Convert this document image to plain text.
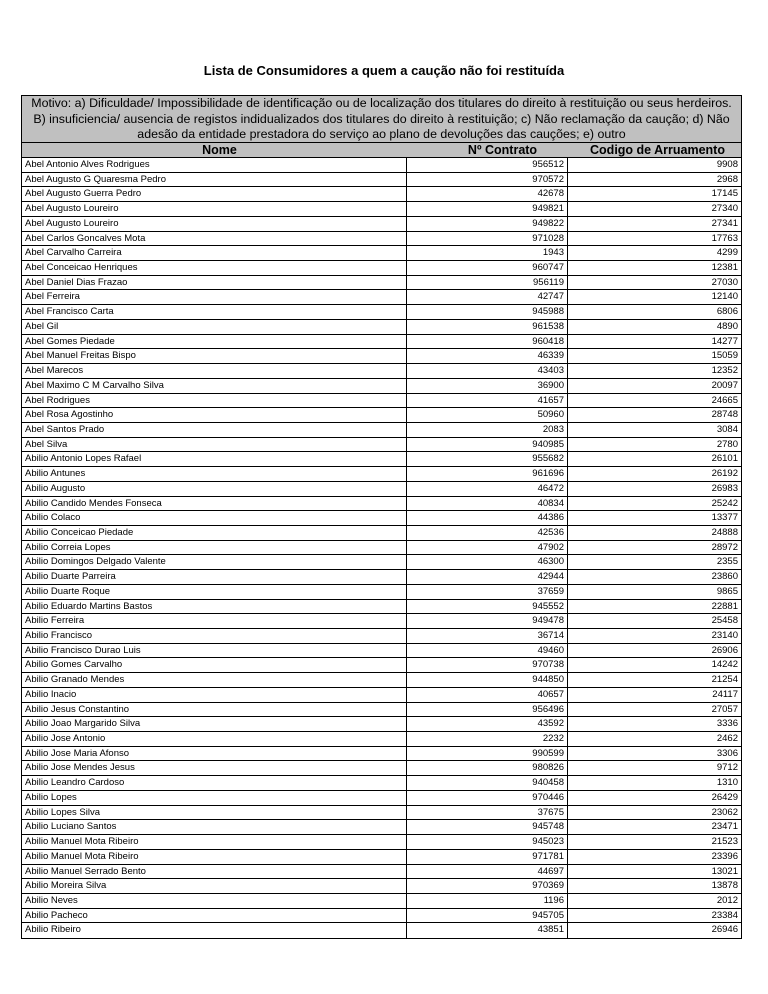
Lista de Consumidores a quem a caução não foi restituída
Motivo: a) Dificuldade/ Impossibilidade de identificação ou de localização dos titulares do direito à restituição ou seus herdeiros. B) insuficiencia/ ausencia de registos indidualizados dos titulares do direito à restituição; c) Não reclamação da caução; d) Não adesão da entidade prestadora do serviço ao plano de devoluções das cauções; e) outro
Nome	Nº Contrato	Codigo de Arruamento
Abel Antonio Alves Rodrigues	956512	9908
Abel Augusto G Quaresma Pedro	970572	2968
Abel Augusto Guerra Pedro	42678	17145
Abel Augusto Loureiro	949821	27340
Abel Augusto Loureiro	949822	27341
Abel Carlos Goncalves Mota	971028	17763
Abel Carvalho Carreira	1943	4299
Abel Conceicao Henriques	960747	12381
Abel Daniel Dias Frazao	956119	27030
Abel Ferreira	42747	12140
Abel Francisco Carta	945988	6806
Abel Gil	961538	4890
Abel Gomes Piedade	960418	14277
Abel Manuel Freitas Bispo	46339	15059
Abel Marecos	43403	12352
Abel Maximo C M Carvalho Silva	36900	20097
Abel Rodrigues	41657	24665
Abel Rosa Agostinho	50960	28748
Abel Santos Prado	2083	3084
Abel Silva	940985	2780
Abilio Antonio Lopes Rafael	955682	26101
Abilio Antunes	961696	26192
Abilio Augusto	46472	26983
Abilio Candido Mendes Fonseca	40834	25242
Abilio Colaco	44386	13377
Abilio Conceicao Piedade	42536	24888
Abilio Correia Lopes	47902	28972
Abilio Domingos Delgado Valente	46300	2355
Abilio Duarte Parreira	42944	23860
Abilio Duarte Roque	37659	9865
Abilio Eduardo Martins Bastos	945552	22881
Abilio Ferreira	949478	25458
Abilio Francisco	36714	23140
Abilio Francisco Durao Luis	49460	26906
Abilio Gomes Carvalho	970738	14242
Abilio Granado Mendes	944850	21254
Abilio Inacio	40657	24117
Abilio Jesus Constantino	956496	27057
Abilio Joao Margarido Silva	43592	3336
Abilio Jose Antonio	2232	2462
Abilio Jose Maria Afonso	990599	3306
Abilio Jose Mendes Jesus	980826	9712
Abilio Leandro Cardoso	940458	1310
Abilio Lopes	970446	26429
Abilio Lopes Silva	37675	23062
Abilio Luciano Santos	945748	23471
Abilio Manuel Mota Ribeiro	945023	21523
Abilio Manuel Mota Ribeiro	971781	23396
Abilio Manuel Serrado Bento	44697	13021
Abilio Moreira Silva	970369	13878
Abilio Neves	1196	2012
Abilio Pacheco	945705	23384
Abilio Ribeiro	43851	26946
